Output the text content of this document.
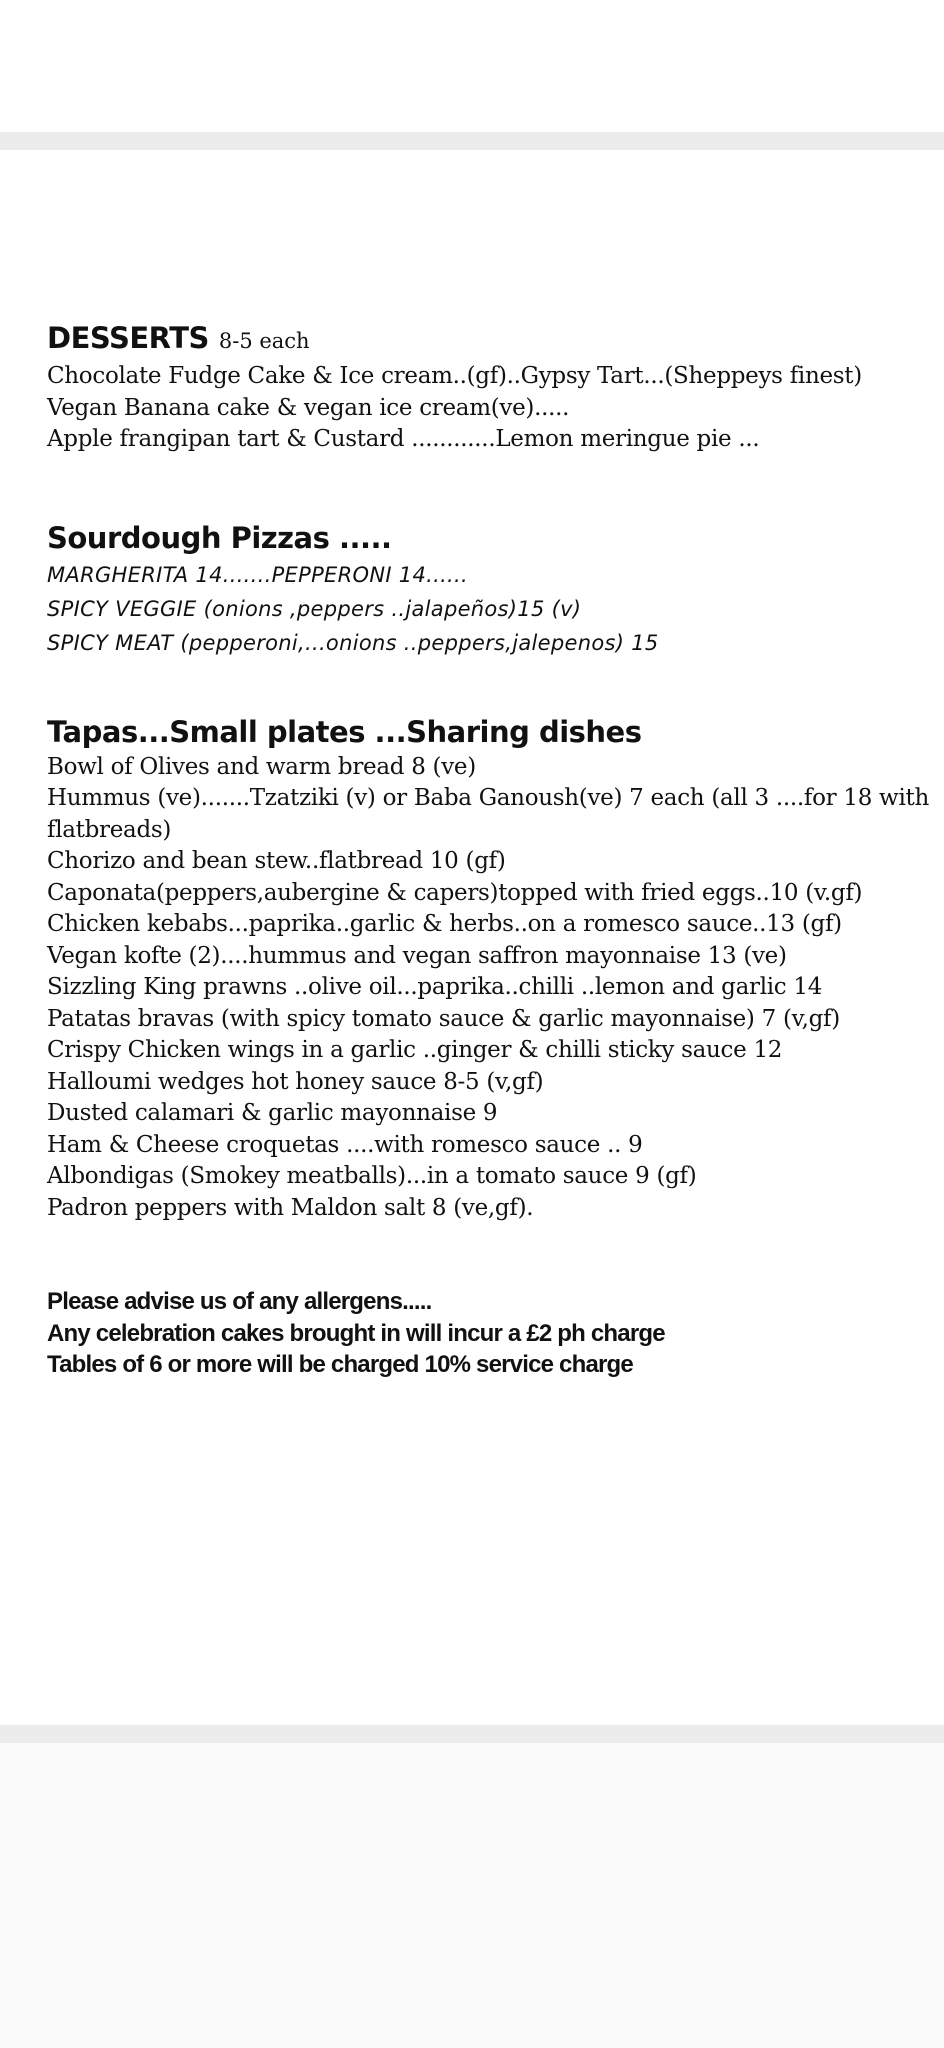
DESSERTS 8-5 each
Chocolate Fudge Cake & Ice cream..(gf)..Gypsy Tart...(Sheppeys finest)
Vegan Banana cake & vegan ice cream(ve).....
Apple frangipan tart & Custard ............Lemon meringue pie ...
Sourdough Pizzas .....
MARGHERITA 14.......PEPPERONI 14......
SPICY VEGGIE (onions ,peppers ..jalapeños)15 (v)
SPICY MEAT (pepperoni,...onions ..peppers,jalepenos) 15
Tapas...Small plates ...Sharing dishes
Bowl of Olives and warm bread 8 (ve)
Hummus (ve).......Tzatziki (v) or Baba Ganoush(ve) 7 each (all 3 ....for 18 with flatbreads)
Chorizo and bean stew..flatbread 10 (gf)
Caponata(peppers,aubergine & capers)topped with fried eggs..10 (v.gf)
Chicken kebabs...paprika..garlic & herbs..on a romesco sauce..13 (gf)
Vegan kofte (2)....hummus and vegan saffron mayonnaise 13 (ve)
Sizzling King prawns ..olive oil...paprika..chilli ..lemon and garlic 14
Patatas bravas (with spicy tomato sauce & garlic mayonnaise) 7 (v,gf)
Crispy Chicken wings in a garlic ..ginger & chilli sticky sauce 12
Halloumi wedges hot honey sauce 8-5 (v,gf)
Dusted calamari & garlic mayonnaise 9
Ham & Cheese croquetas ....with romesco sauce .. 9
Albondigas (Smokey meatballs)...in a tomato sauce 9 (gf)
Padron peppers with Maldon salt 8 (ve,gf).
Please advise us of any allergens.....
Any celebration cakes brought in will incur a £2 ph charge
Tables of 6 or more will be charged 10% service charge
